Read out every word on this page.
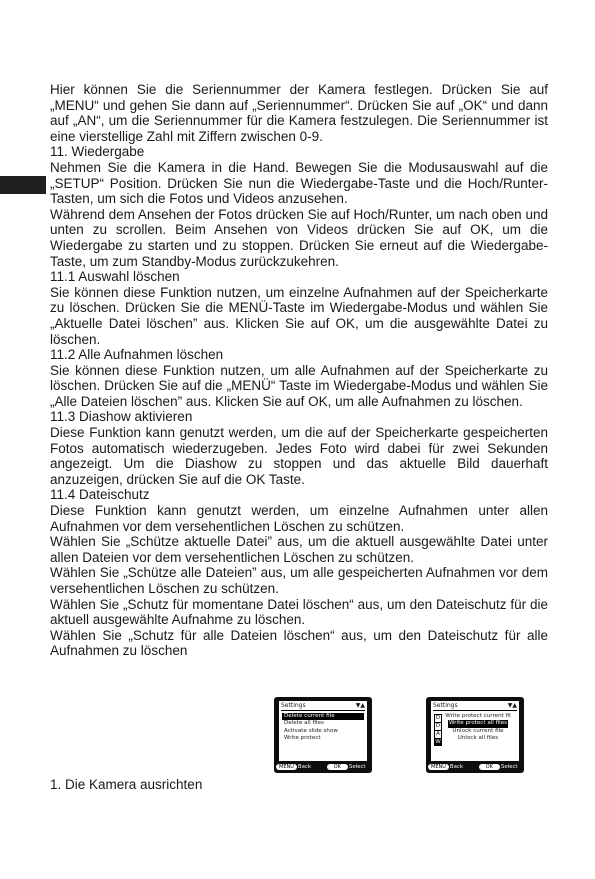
Hier können Sie die Seriennummer der Kamera festlegen. Drücken Sie auf „MENU“ und gehen Sie dann auf „Seriennummer“. Drücken Sie auf „OK“ und dann auf „AN“, um die Seriennummer für die Kamera festzulegen. Die Seriennummer ist eine vierstellige Zahl mit Ziffern zwischen 0-9.

11. Wiedergabe

Nehmen Sie die Kamera in die Hand. Bewegen Sie die Modusauswahl auf die „SETUP“ Position. Drücken Sie nun die Wiedergabe-Taste und die Hoch/Runter-Tasten, um sich die Fotos und Videos anzusehen.

Während dem Ansehen der Fotos drücken Sie auf Hoch/Runter, um nach oben und unten zu scrollen. Beim Ansehen von Videos drücken Sie auf OK, um die Wiedergabe zu starten und zu stoppen. Drücken Sie erneut auf die Wiedergabe-Taste, um zum Standby-Modus zurückzukehren.

11.1 Auswahl löschen

Sie können diese Funktion nutzen, um einzelne Aufnahmen auf der Speicherkarte zu löschen. Drücken Sie die MENÜ-Taste im Wiedergabe-Modus und wählen Sie „Aktuelle Datei löschen” aus. Klicken Sie auf OK, um die ausgewählte Datei zu löschen.

11.2 Alle Aufnahmen löschen

Sie können diese Funktion nutzen, um alle Aufnahmen auf der Speicherkarte zu löschen. Drücken Sie auf die „MENÜ“ Taste im Wiedergabe-Modus und wählen Sie „Alle Dateien löschen” aus. Klicken Sie auf OK, um alle Aufnahmen zu löschen.

11.3 Diashow aktivieren

Diese Funktion kann genutzt werden, um die auf der Speicherkarte gespeicherten Fotos automatisch wiederzugeben. Jedes Foto wird dabei für zwei Sekunden angezeigt. Um die Diashow zu stoppen und das aktuelle Bild dauerhaft anzuzeigen, drücken Sie auf die OK Taste.

11.4 Dateischutz

Diese Funktion kann genutzt werden, um einzelne Aufnahmen unter allen Aufnahmen vor dem versehentlichen Löschen zu schützen.

Wählen Sie „Schütze aktuelle Datei” aus, um die aktuell ausgewählte Datei unter allen Dateien vor dem versehentlichen Löschen zu schützen.

Wählen Sie „Schütze alle Dateien” aus, um alle gespeicherten Aufnahmen vor dem versehentlichen Löschen zu schützen.

Wählen Sie „Schutz für momentane Datei löschen“ aus, um den Dateischutz für die aktuell ausgewählte Aufnahme zu löschen.

Wählen Sie „Schutz für alle Dateien löschen“ aus, um den Dateischutz für alle Aufnahmen zu löschen

Settings	▼▲
Delete current file
Delete all files
Activate slide show
Write protect
MENU Back	OK Select
Settings	▼▲
D
D
A
W
Write protect current fil
Write protect all files
Unlock current file
Unlock all files
MENU Back	OK Select
1. Die Kamera ausrichten
